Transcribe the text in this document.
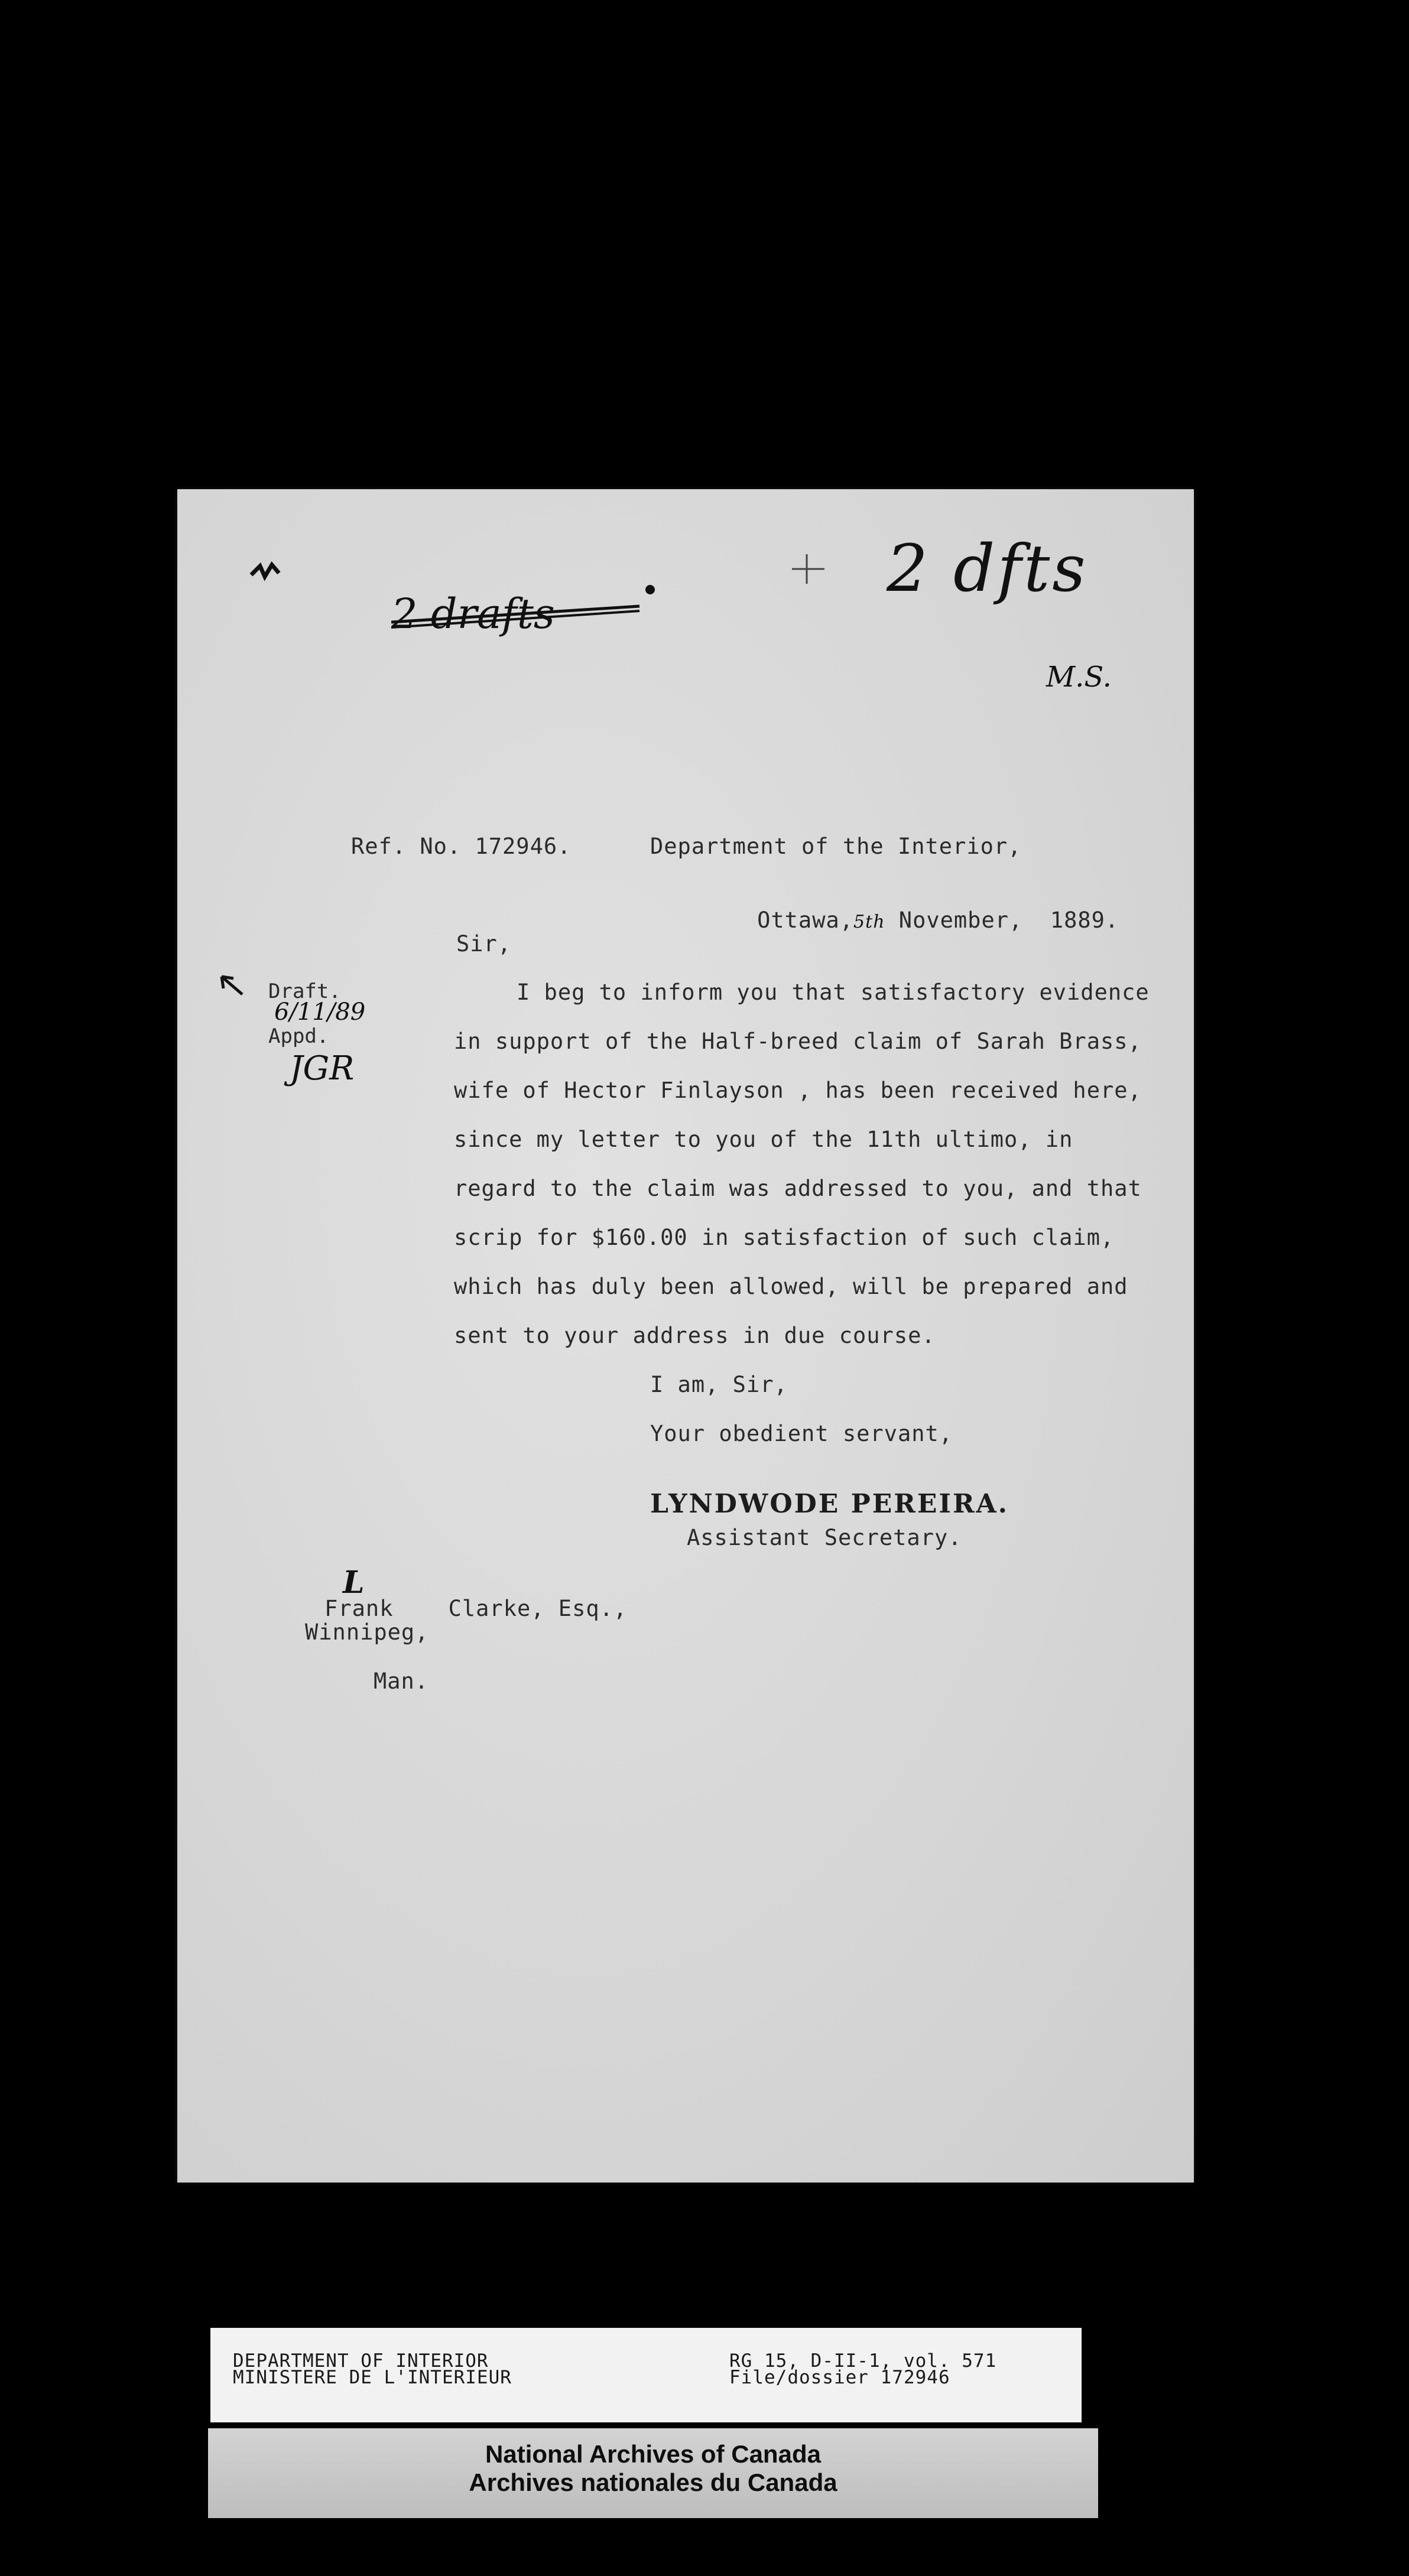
2 drafts
2 dfts
M.S.
Ref. No. 172946.	Department of the Interior,

Ottawa,5th November,  1889.

Sir,
Draft.
6/11/89
Appd.
JGR
I beg to inform you that satisfactory evidence
in support of the Half-breed claim of Sarah Brass,
wife of Hector Finlayson , has been received here,
since my letter to you of the 11th ultimo, in
regard to the claim was addressed to you, and that
scrip for $160.00 in satisfaction of such claim,
which has duly been allowed, will be prepared and
sent to your address in due course.
I am, Sir,
Your obedient servant,
LYNDWODE PEREIRA.
Assistant Secretary.

Frank    Clarke, Esq.,

L

Winnipeg,
Man.
DEPARTMENT OF INTERIOR
MINISTERE DE L'INTERIEUR
RG 15, D-II-1, vol. 571
File/dossier 172946
National Archives of Canada
Archives nationales du Canada
